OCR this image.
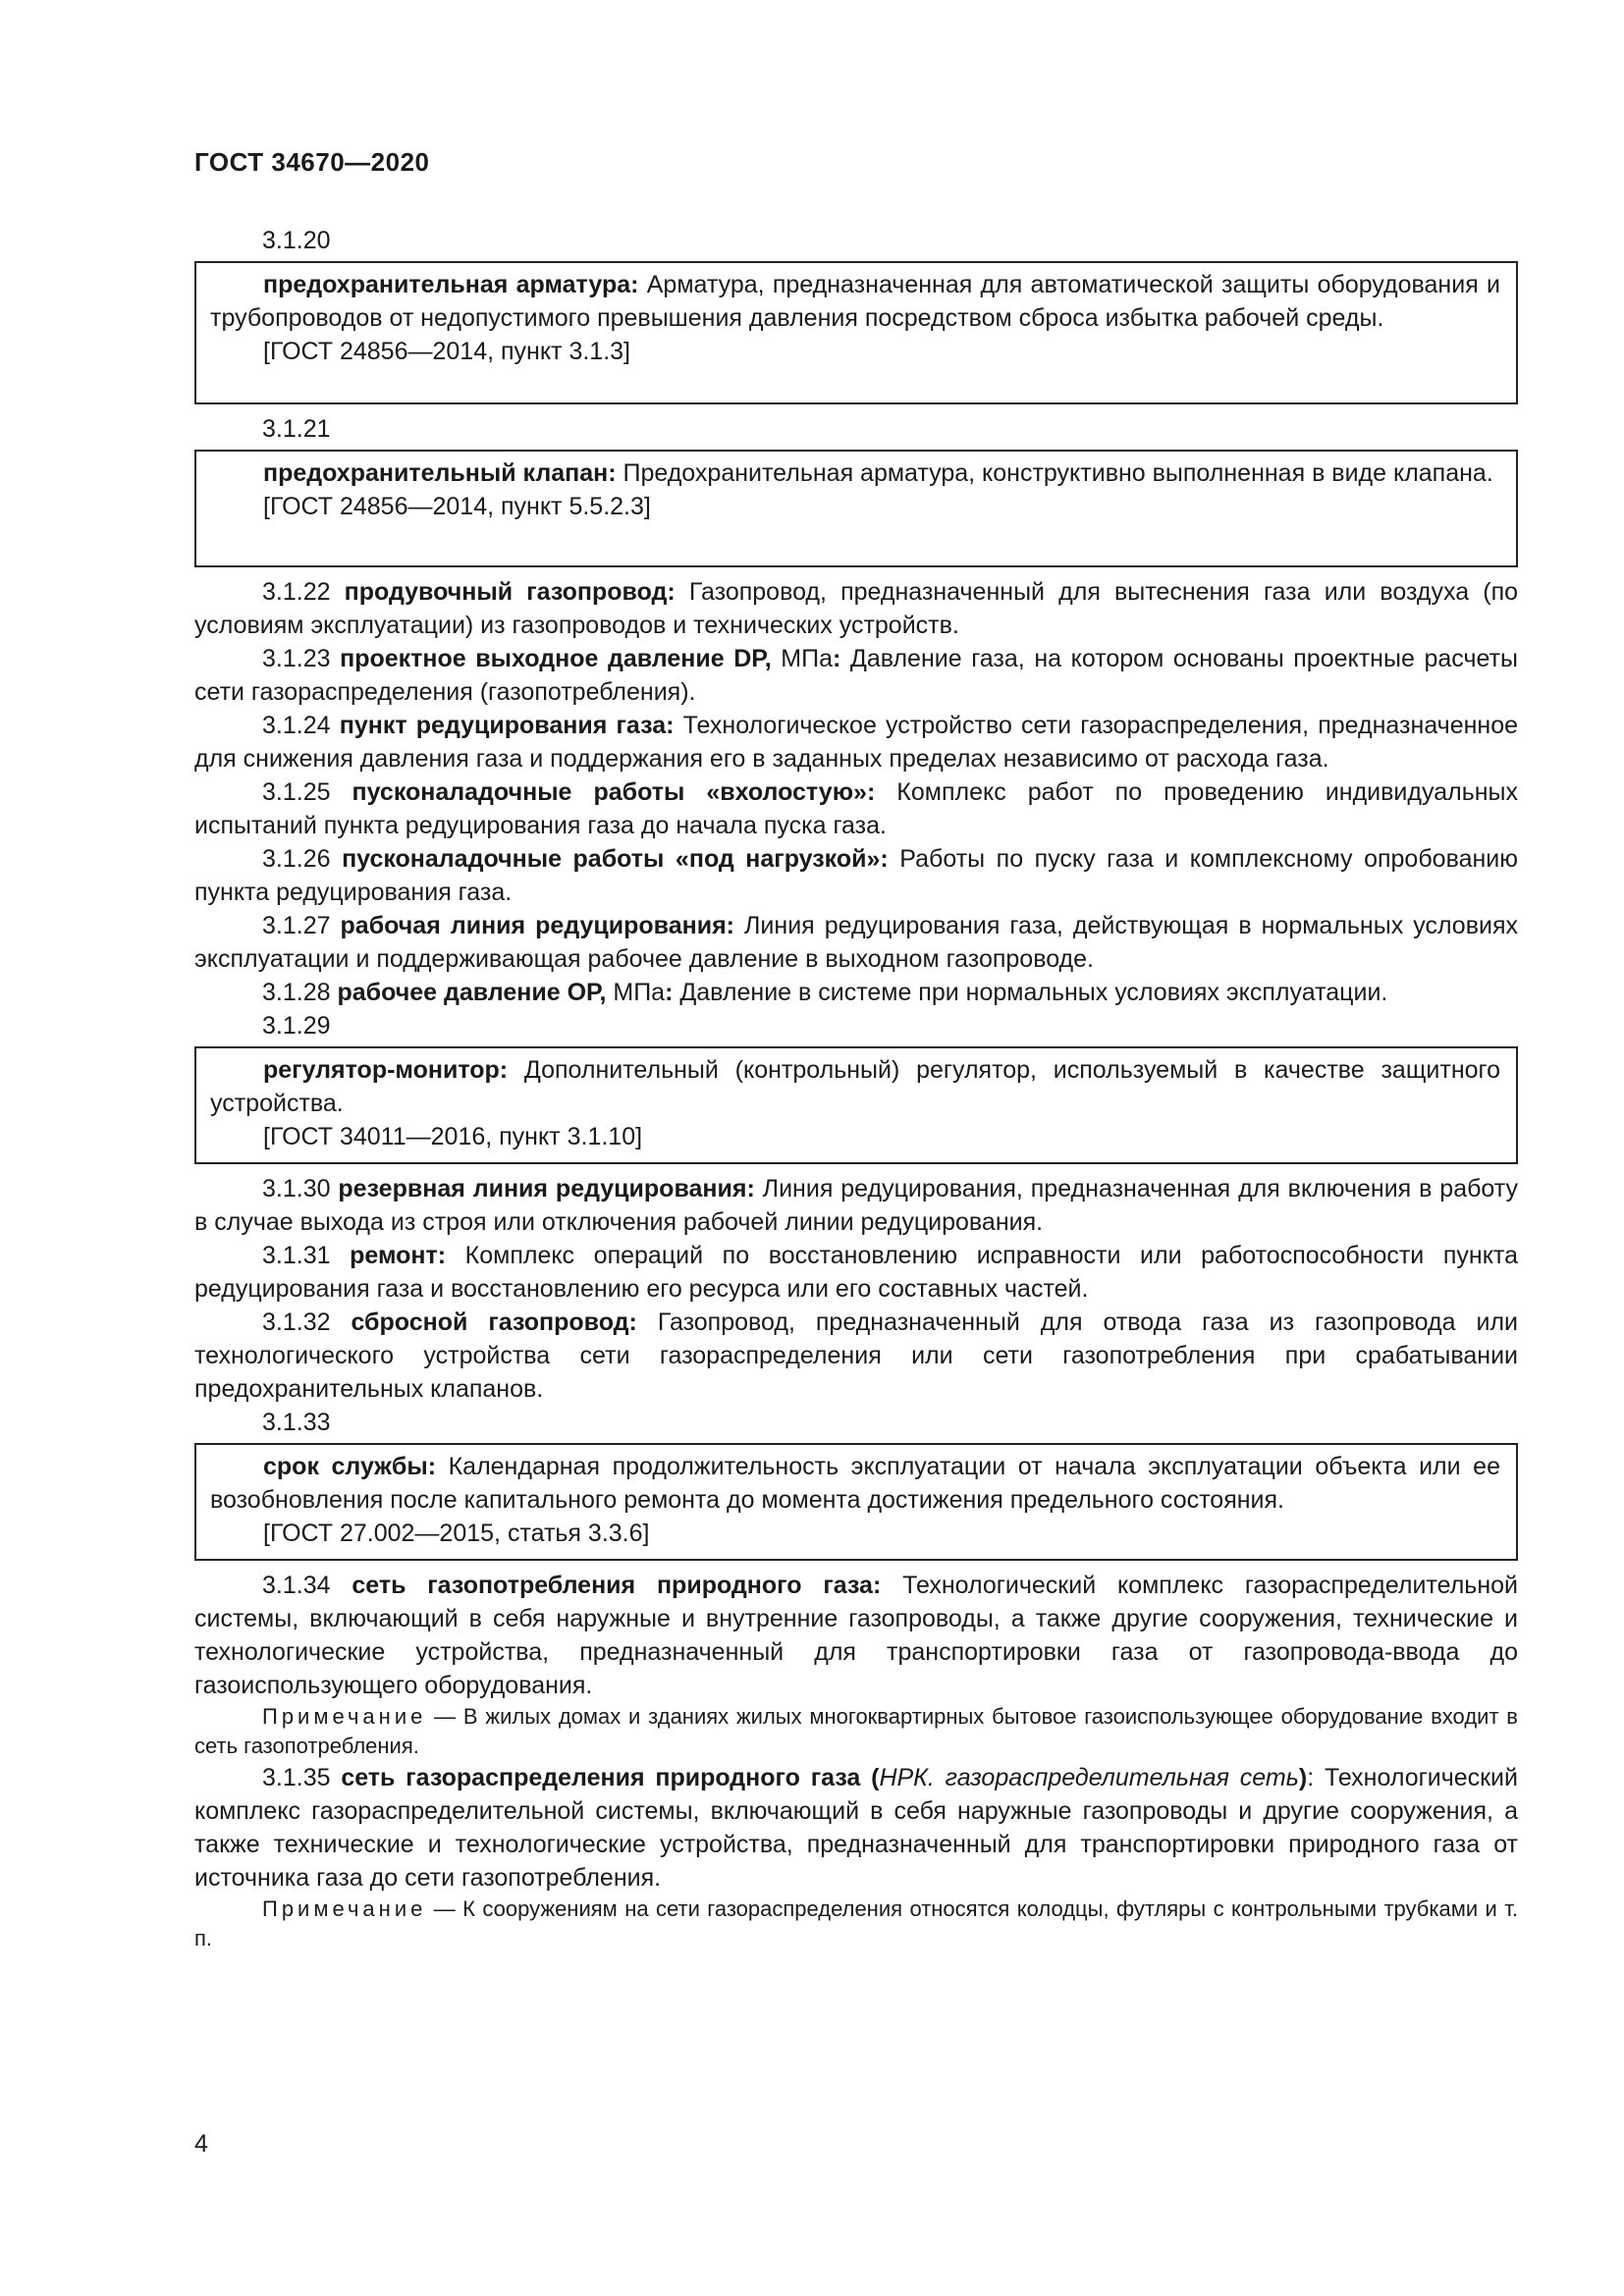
ГОСТ 34670—2020

3.1.20

предохранительная арматура: Арматура, предназначенная для автоматической защиты оборудования и трубопроводов от недопустимого превышения давления посредством сброса избытка рабочей среды.

[ГОСТ 24856—2014, пункт 3.1.3]

3.1.21

предохранительный клапан: Предохранительная арматура, конструктивно выполненная в виде клапана.

[ГОСТ 24856—2014, пункт 5.5.2.3]

3.1.22 продувочный газопровод: Газопровод, предназначенный для вытеснения газа или воздуха (по условиям эксплуатации) из газопроводов и технических устройств.

3.1.23 проектное выходное давление DP, МПа: Давление газа, на котором основаны проектные расчеты сети газораспределения (газопотребления).

3.1.24 пункт редуцирования газа: Технологическое устройство сети газораспределения, предназначенное для снижения давления газа и поддержания его в заданных пределах независимо от расхода газа.

3.1.25 пусконаладочные работы «вхолостую»: Комплекс работ по проведению индивидуальных испытаний пункта редуцирования газа до начала пуска газа.

3.1.26 пусконаладочные работы «под нагрузкой»: Работы по пуску газа и комплексному опробованию пункта редуцирования газа.

3.1.27 рабочая линия редуцирования: Линия редуцирования газа, действующая в нормальных условиях эксплуатации и поддерживающая рабочее давление в выходном газопроводе.

3.1.28 рабочее давление OP, МПа: Давление в системе при нормальных условиях эксплуатации.

3.1.29

регулятор-монитор: Дополнительный (контрольный) регулятор, используемый в качестве защитного устройства.

[ГОСТ 34011—2016, пункт 3.1.10]

3.1.30 резервная линия редуцирования: Линия редуцирования, предназначенная для включения в работу в случае выхода из строя или отключения рабочей линии редуцирования.

3.1.31 ремонт: Комплекс операций по восстановлению исправности или работоспособности пункта редуцирования газа и восстановлению его ресурса или его составных частей.

3.1.32 сбросной газопровод: Газопровод, предназначенный для отвода газа из газопровода или технологического устройства сети газораспределения или сети газопотребления при срабатывании предохранительных клапанов.

3.1.33

срок службы: Календарная продолжительность эксплуатации от начала эксплуатации объекта или ее возобновления после капитального ремонта до момента достижения предельного состояния.

[ГОСТ 27.002—2015, статья 3.3.6]

3.1.34 сеть газопотребления природного газа: Технологический комплекс газораспределительной системы, включающий в себя наружные и внутренние газопроводы, а также другие сооружения, технические и технологические устройства, предназначенный для транспортировки газа от газопровода-ввода до газоиспользующего оборудования.

Примечание — В жилых домах и зданиях жилых многоквартирных бытовое газоиспользующее оборудование входит в сеть газопотребления.

3.1.35 сеть газораспределения природного газа (НРК. газораспределительная сеть): Технологический комплекс газораспределительной системы, включающий в себя наружные газопроводы и другие сооружения, а также технические и технологические устройства, предназначенный для транспортировки природного газа от источника газа до сети газопотребления.

Примечание — К сооружениям на сети газораспределения относятся колодцы, футляры с контрольными трубками и т. п.

4
